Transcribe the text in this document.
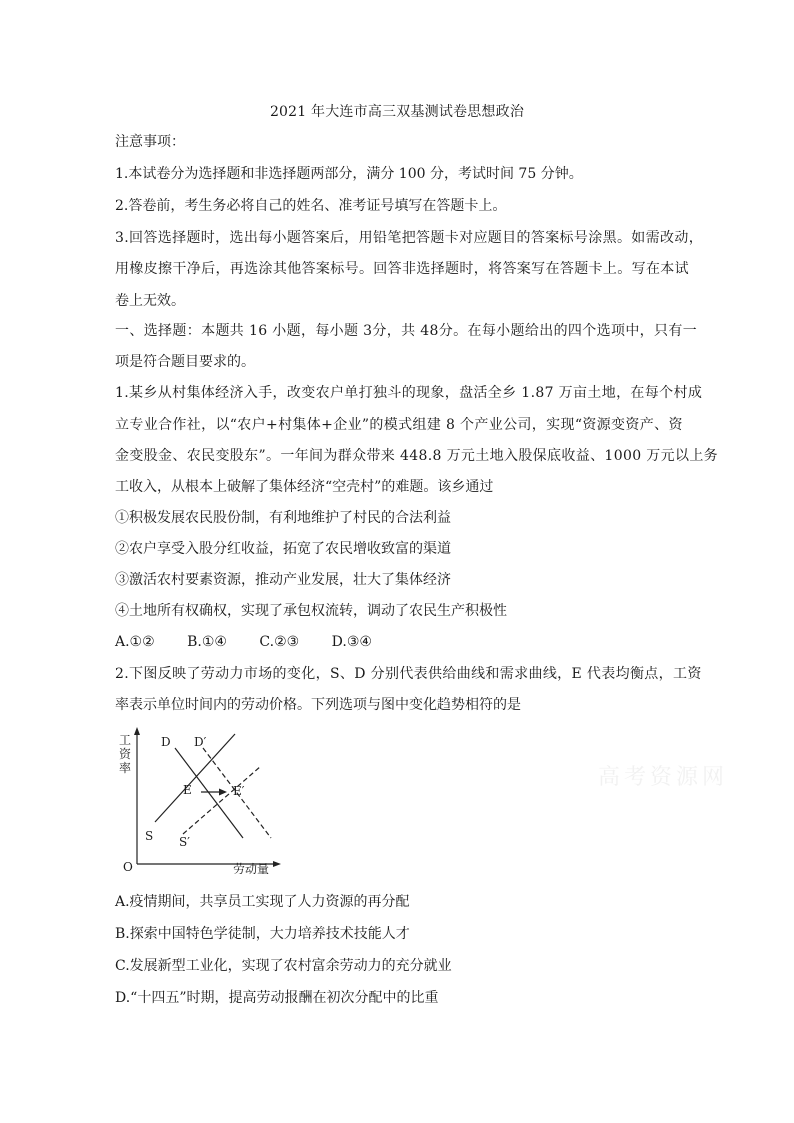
2021 年大连市高三双基测试卷思想政治
注意事项：
1.本试卷分为选择题和非选择题两部分，满分 100 分，考试时间 75 分钟。
2.答卷前，考生务必将自己的姓名、准考证号填写在答题卡上。
3.回答选择题时，选出每小题答案后，用铅笔把答题卡对应题目的答案标号涂黑。如需改动，
用橡皮擦干净后，再选涂其他答案标号。回答非选择题时，将答案写在答题卡上。写在本试
卷上无效。
一、选择题：本题共 16 小题，每小题 3分，共 48分。在每小题给出的四个选项中，只有一
项是符合题目要求的。
1.某乡从村集体经济入手，改变农户单打独斗的现象，盘活全乡 1.87 万亩土地，在每个村成
立专业合作社，以“农户+村集体+企业”的模式组建 8 个产业公司，实现“资源变资产、资
金变股金、农民变股东”。一年间为群众带来 448.8 万元土地入股保底收益、1000 万元以上务
工收入，从根本上破解了集体经济“空壳村”的难题。该乡通过
①积极发展农民股份制，有利地维护了村民的合法利益
②农户享受入股分红收益，拓宽了农民增收致富的渠道
③激活农村要素资源，推动产业发展，壮大了集体经济
④土地所有权确权，实现了承包权流转，调动了农民生产积极性
A.①② B.①④ C.②③ D.③④
2.下图反映了劳动力市场的变化，S、D 分别代表供给曲线和需求曲线，E 代表均衡点，工资
率表示单位时间内的劳动价格。下列选项与图中变化趋势相符的是
工
资
率
D D′
E	E′
S S′
O	劳动量
高考资源网
A.疫情期间，共享员工实现了人力资源的再分配
B.探索中国特色学徒制，大力培养技术技能人才
C.发展新型工业化，实现了农村富余劳动力的充分就业
D.“十四五”时期，提高劳动报酬在初次分配中的比重
